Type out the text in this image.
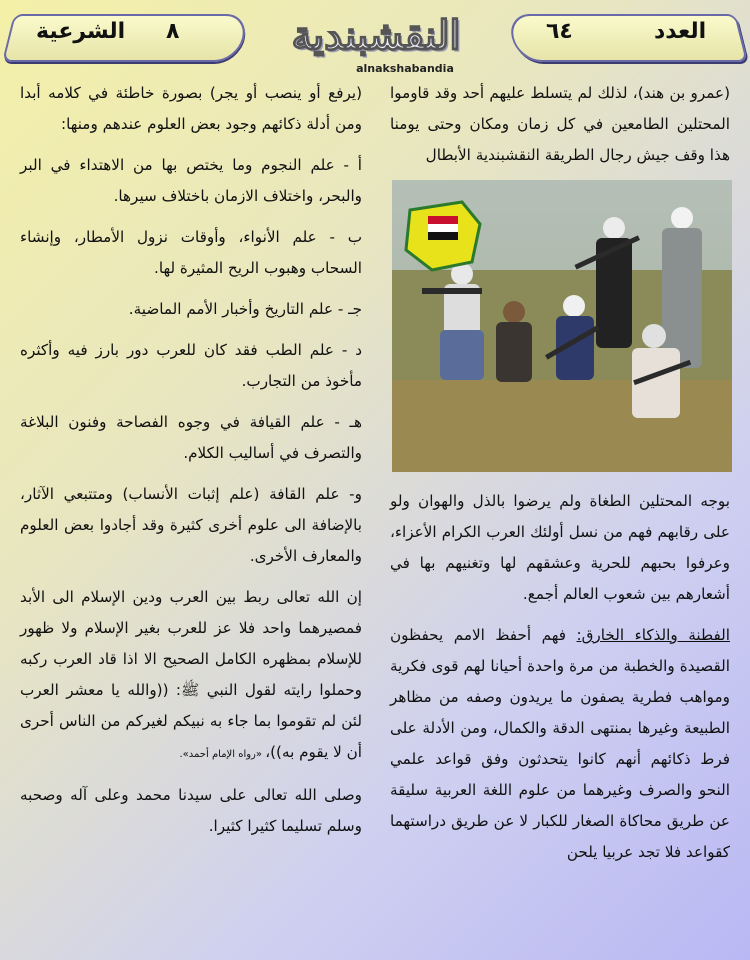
الشرعية ٨	النقشبندية
alnakshabandia
٦٤	العدد

(عمرو بن هند)، لذلك لم يتسلط عليهم أحد وقد قاوموا المحتلين الطامعين في كل زمان ومكان وحتى يومنا هذا وقف جيش رجال الطريقة النقشبندية الأبطال

بوجه المحتلين الطغاة ولم يرضوا بالذل والهوان ولو على رقابهم فهم من نسل أولئك العرب الكرام الأعزاء، وعرفوا بحبهم للحرية وعشقهم لها وتغنيهم بها في أشعارهم بين شعوب العالم أجمع.

الفطنة والذكاء الخارق: فهم أحفظ الامم يحفظون القصيدة والخطبة من مرة واحدة أحيانا لهم قوى فكرية ومواهب فطرية يصفون ما يريدون وصفه من مظاهر الطبيعة وغيرها بمنتهى الدقة والكمال، ومن الأدلة على فرط ذكائهم أنهم كانوا يتحدثون وفق قواعد علمي النحو والصرف وغيرهما من علوم اللغة العربية سليقة عن طريق محاكاة الصغار للكبار لا عن طريق دراستهما كقواعد فلا تجد عربيا يلحن

(يرفع أو ينصب أو يجر) بصورة خاطئة في كلامه أبدا ومن أدلة ذكائهم وجود بعض العلوم عندهم ومنها:

أ - علم النجوم وما يختص بها من الاهتداء في البر والبحر، واختلاف الازمان باختلاف سيرها.

ب - علم الأنواء، وأوقات نزول الأمطار، وإنشاء السحاب وهبوب الريح المثيرة لها.

جـ - علم التاريخ وأخبار الأمم الماضية.

د - علم الطب فقد كان للعرب دور بارز فيه وأكثره مأخوذ من التجارب.

هـ - علم القيافة في وجوه الفصاحة وفنون البلاغة والتصرف في أساليب الكلام.

و- علم القافة (علم إثبات الأنساب) ومتتبعي الآثار، بالإضافة الى علوم أخرى كثيرة وقد أجادوا بعض العلوم والمعارف الأخرى.

إن الله تعالى ربط بين العرب ودين الإسلام الى الأبد فمصيرهما واحد فلا عز للعرب بغير الإسلام ولا ظهور للإسلام بمظهره الكامل الصحيح الا اذا قاد العرب ركبه وحملوا رايته لقول النبي ﷺ: ((والله يا معشر العرب لئن لم تقوموا بما جاء به نبيكم لغيركم من الناس أحرى أن لا يقوم به))، «رواه الإمام أحمد».

وصلى الله تعالى على سيدنا محمد وعلى آله وصحبه وسلم تسليما كثيرا كثيرا.
